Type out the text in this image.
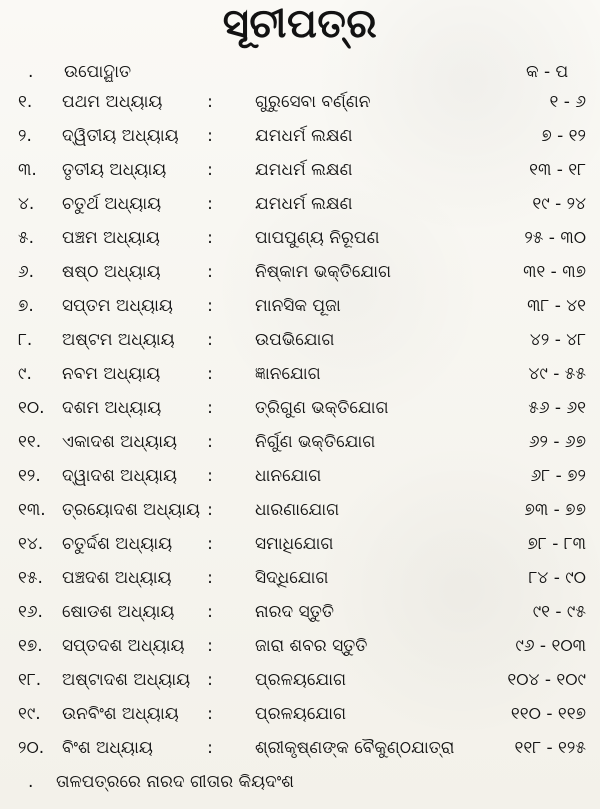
ସୂଚୀପତ୍ର
. ଉପୋଦ୍ଘାତ	କ - ପ
୧.	ପଥମ ଅଧ୍ୟାୟ	: ଗୁରୁସେବା ବର୍ଣ୍ଣନ	୧ - ୬
୨.	ଦ୍ୱିତୀୟ ଅଧ୍ୟାୟ	: ଯମଧର୍ମ ଲକ୍ଷଣ	୭ - ୧୨
୩.	ତୃତୀୟ ଅଧ୍ୟାୟ	: ଯମଧର୍ମ ଲକ୍ଷଣ	୧୩ - ୧୮
୪.	ଚତୁର୍ଥ ଅଧ୍ୟାୟ	: ଯମଧର୍ମ ଲକ୍ଷଣ	୧୯ - ୨୪
୫.	ପଞ୍ଚମ ଅଧ୍ୟାୟ	: ପାପପୁଣ୍ୟ ନିରୂପଣ	୨୫ - ୩୦
୬.	ଷଷ୍ଠ ଅଧ୍ୟାୟ	: ନିଷ୍କାମ ଭକ୍ତିଯୋଗ	୩୧ - ୩୭
୭.	ସପ୍ତମ ଅଧ୍ୟାୟ	: ମାନସିକ ପୂଜା	୩୮ - ୪୧
୮.	ଅଷ୍ଟମ ଅଧ୍ୟାୟ	: ଉପଭିଯୋଗ	୪୨ - ୪୮
୯.	ନବମ ଅଧ୍ୟାୟ	: ଜ୍ଞାନଯୋଗ	୪୯ - ୫୫
୧୦.	ଦଶମ ଅଧ୍ୟାୟ	: ତ୍ରିଗୁଣ ଭକ୍ତିଯୋଗ	୫୬ - ୬୧
୧୧.	ଏକାଦଶ ଅଧ୍ୟାୟ	: ନିର୍ଗୁଣ ଭକ୍ତିଯୋଗ	୬୨ - ୬୭
୧୨.	ଦ୍ୱାଦଶ ଅଧ୍ୟାୟ	: ଧାନଯୋଗ	୬୮ - ୭୨
୧୩. ତ୍ରୟୋଦଶ ଅଧ୍ୟାୟ : ଧାରଣାଯୋଗ	୭୩ - ୭୭
୧୪.	ଚତୁର୍ଦ୍ଦଶ ଅଧ୍ୟାୟ	: ସମାଧିଯୋଗ	୭୮ - ୮୩
୧୫.	ପଞ୍ଚଦଶ ଅଧ୍ୟାୟ	: ସିଦ୍ଧିଯୋଗ	୮୪ - ୯୦
୧୬.	ଷୋଡଶ ଅଧ୍ୟାୟ	: ନାରଦ ସ୍ତୁତି	୯୧ - ୯୫
୧୭.	ସପ୍ତଦଶ ଅଧ୍ୟାୟ	: ଜାରା ଶବର ସ୍ତୁତି	୯୬ - ୧୦୩
୧୮.	ଅଷ୍ଟାଦଶ ଅଧ୍ୟାୟ : ପ୍ରଳୟଯୋଗ	୧୦୪ - ୧୦୯
୧୯.	ଉନବିଂଶ ଅଧ୍ୟାୟ	: ପ୍ରଳୟଯୋଗ	୧୧୦ - ୧୧୭
୨୦.	ବିଂଶ ଅଧ୍ୟାୟ	: ଶ୍ରୀକୃଷ୍ଣଙ୍କ ବୈକୁଣ୍ଠଯାତ୍ରା	୧୧୮ - ୧୨୫
. ତାଳପତ୍ରରେ ନାରଦ ଗୀତାର କିୟଦଂଶ
